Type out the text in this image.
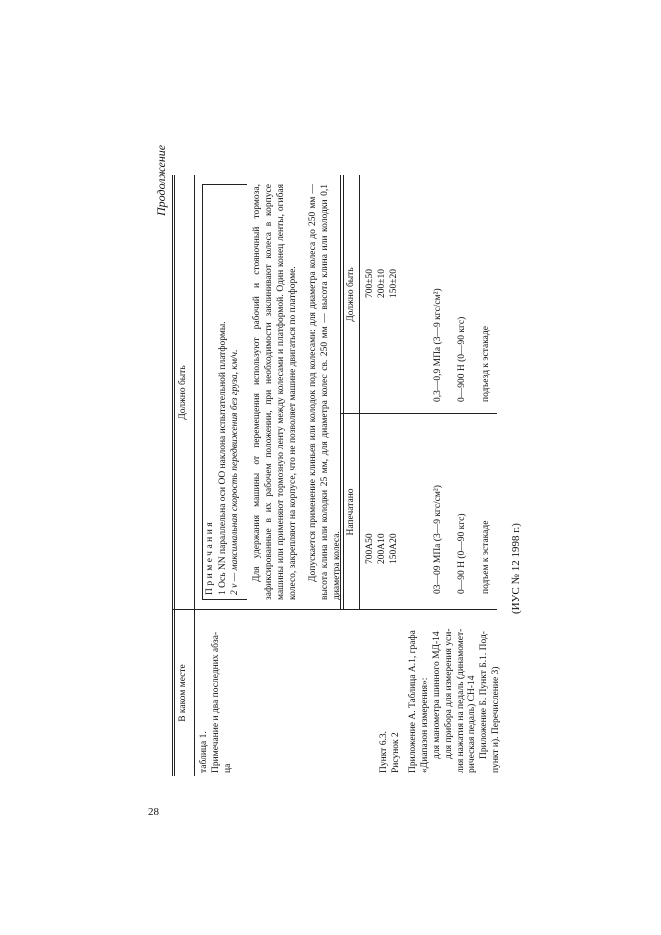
28
Продолжение
В каком месте
Должно быть
таблица 1. Примечание и два последних абза- ца
Примечания 1 Ось NN параллельна оси OO наклона испытательной платформы. 2 v — максимальная скорость передвижения без груза, км/ч. Для удержания машины от перемещения используют рабочий и стояночный тормоза, зафиксированные в их рабочем положении, при необходимости заклинивают колеса в корпусе машины или применяют тормозную ленту между колесами и платформой. Один конец ленты, огибая колесо, закрепляют на корпусе, что не позволяет машине двигаться по платформе. Допускается применение клиньев или колодок под колесами: для диаметра колеса до 250 мм — высота клина или колодки 25 мм, для диаметра колес св. 250 мм — высота клина или колодки 0,1 диаметра колеса.
Напечатано
Должно быть
Пункт 6.3. Рисунок 2
700A50 200A10 150A20
700±50 200±10 150±20
Приложение А. Таблица А.1, графа «Диапазон измерения»: для манометра шинного МД-14 для прибора для измерения уси- лия нажатия на педаль (динамомет- рическая педаль) СН-14 Приложение Б. Пункт Б.1. Под- пункт и). Перечисление 3)
03—09 МПа (3—9 кгс/см²)
0,3—0,9 МПа (3—9 кгс/см²)
0—90 Н (0—90 кгс)
0—900 Н (0—90 кгс)
подъем к эстакаде
подъезд к эстакаде
(ИУС № 12 1998 г.)
